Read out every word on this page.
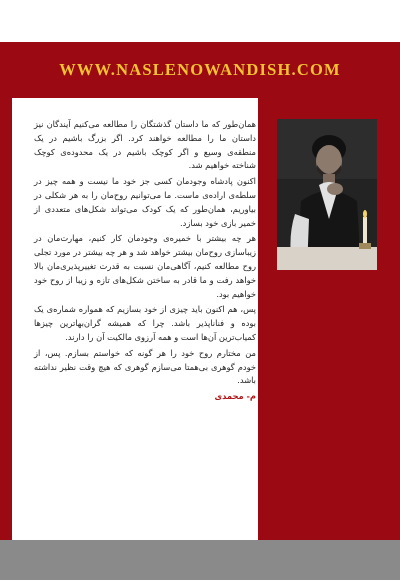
WWW.NASLENOWANDISH.COM

همان‌طور که ما داستان گذشتگان را مطالعه می‌کنیم آیندگان نیز داستان ما را مطالعه خواهند کرد. اگر بزرگ باشیم در یک منطقه‌ی وسیع و اگر کوچک باشیم در یک محدوده‌ی کوچک شناخته خواهیم شد.

اکنون پادشاه وجودمان کسی جز خود ما نیست و همه چیز در سلطه‌ی اراده‌ی ماست. ما می‌توانیم روح‌مان را به هر شکلی در بیاوریم، همان‌طور که یک کودک می‌تواند شکل‌های متعددی از خمیر بازی خود بسازد.

هر چه بیشتر با خمیره‌ی وجودمان کار کنیم، مهارت‌مان در زیباسازی روح‌مان بیشتر خواهد شد و هر چه بیشتر در مورد تجلی روح مطالعه کنیم، آگاهی‌مان نسبت به قدرت تغییرپذیری‌مان بالا خواهد رفت و ما قادر به ساختن شکل‌های تازه و زیبا از روح خود خواهیم بود.

پس، هم اکنون باید چیزی از خود بسازیم که همواره شماره‌ی یک بوده و فناناپذیر باشد. چرا که همیشه گران‌بهاترین چیزها کمیاب‌ترین آن‌ها است و همه آرزوی مالکیت آن را دارند.

من مختارم روح خود را هر گونه که خواستم بسازم. پس، از خودم گوهری بی‌همتا می‌سازم گوهری که هیچ وقت نظیر نداشته باشد.

م- محمدی
